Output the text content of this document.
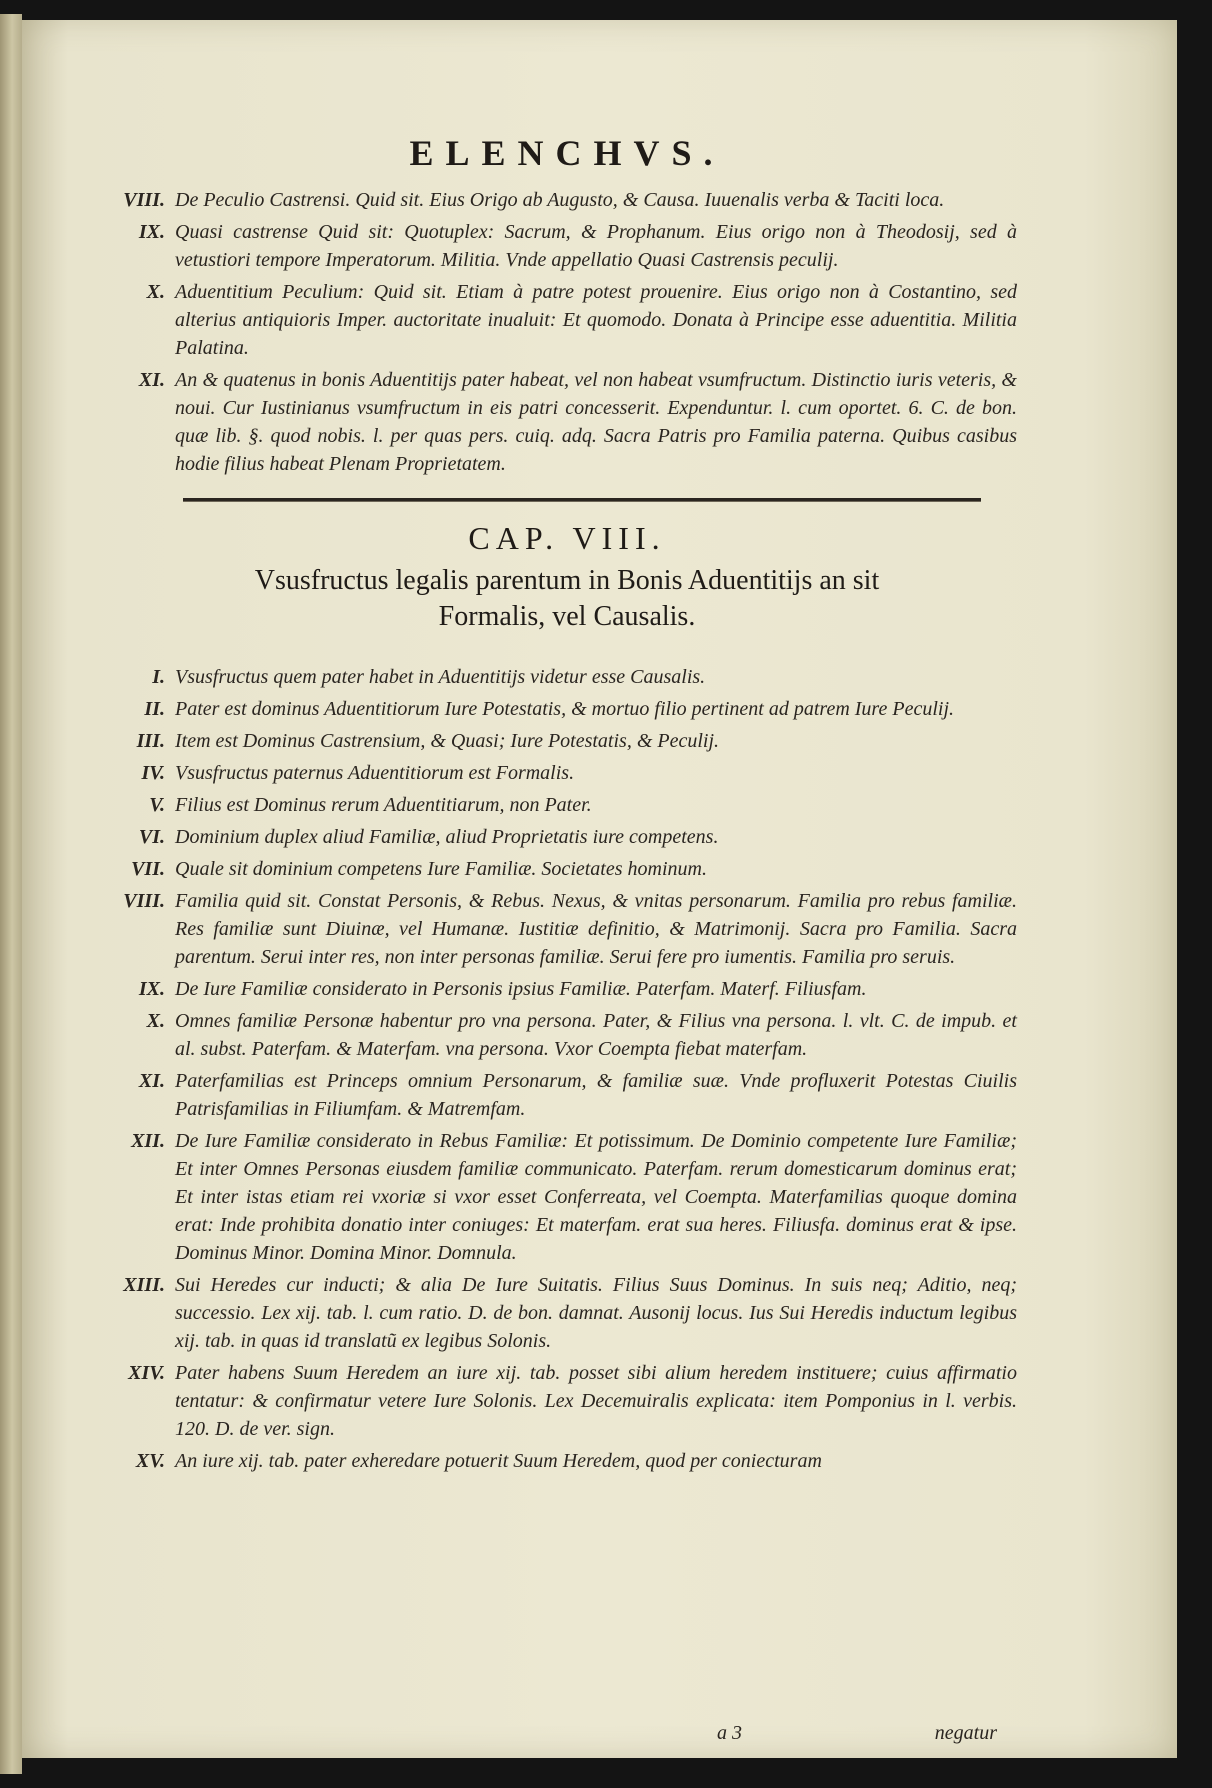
ELENCHVS.
VIII. De Peculio Castrensi. Quid sit. Eius Origo ab Augusto, & Causa. Iuuenalis verba & Taciti loca.
IX. Quasi castrense Quid sit: Quotuplex: Sacrum, & Prophanum. Eius origo non à Theodosij, sed à vetustiori tempore Imperatorum. Militia. Vnde appellatio Quasi Castrensis peculij.
X. Aduentitium Peculium: Quid sit. Etiam à patre potest prouenire. Eius origo non à Costantino, sed alterius antiquioris Imper. auctoritate inualuit: Et quomodo. Donata à Principe esse aduentitia. Militia Palatina.
XI. An & quatenus in bonis Aduentitijs pater habeat, vel non habeat vsumfructum. Distinctio iuris veteris, & noui. Cur Iustinianus vsumfructum in eis patri concesserit. Expenduntur. l. cum oportet. 6. C. de bon. quæ lib. §. quod nobis. l. per quas pers. cuiq. adq. Sacra Patris pro Familia paterna. Quibus casibus hodie filius habeat Plenam Proprietatem.
CAP. VIII.
Vsusfructus legalis parentum in Bonis Aduentitijs an sit
Formalis, vel Causalis.
I. Vsusfructus quem pater habet in Aduentitijs videtur esse Causalis.
II. Pater est dominus Aduentitiorum Iure Potestatis, & mortuo filio pertinent ad patrem Iure Peculij.
III. Item est Dominus Castrensium, & Quasi; Iure Potestatis, & Peculij.
IV. Vsusfructus paternus Aduentitiorum est Formalis.
V. Filius est Dominus rerum Aduentitiarum, non Pater.
VI. Dominium duplex aliud Familiæ, aliud Proprietatis iure competens.
VII. Quale sit dominium competens Iure Familiæ. Societates hominum.
VIII. Familia quid sit. Constat Personis, & Rebus. Nexus, & vnitas personarum. Familia pro rebus familiæ. Res familiæ sunt Diuinæ, vel Humanæ. Iustitiæ definitio, & Matrimonij. Sacra pro Familia. Sacra parentum. Serui inter res, non inter personas familiæ. Serui fere pro iumentis. Familia pro seruis.
IX. De Iure Familiæ considerato in Personis ipsius Familiæ. Paterfam. Materf. Filiusfam.
X. Omnes familiæ Personæ habentur pro vna persona. Pater, & Filius vna persona. l. vlt. C. de impub. et al. subst. Paterfam. & Materfam. vna persona. Vxor Coempta fiebat materfam.
XI. Paterfamilias est Princeps omnium Personarum, & familiæ suæ. Vnde profluxerit Potestas Ciuilis Patrisfamilias in Filiumfam. & Matremfam.
XII. De Iure Familiæ considerato in Rebus Familiæ: Et potissimum. De Dominio competente Iure Familiæ; Et inter Omnes Personas eiusdem familiæ communicato. Paterfam. rerum domesticarum dominus erat; Et inter istas etiam rei vxoriæ si vxor esset Conferreata, vel Coempta. Materfamilias quoque domina erat: Inde prohibita donatio inter coniuges: Et materfam. erat sua heres. Filiusfa. dominus erat & ipse. Dominus Minor. Domina Minor. Domnula.
XIII. Sui Heredes cur inducti; & alia De Iure Suitatis. Filius Suus Dominus. In suis neq; Aditio, neq; successio. Lex xij. tab. l. cum ratio. D. de bon. damnat. Ausonij locus. Ius Sui Heredis inductum legibus xij. tab. in quas id translatũ ex legibus Solonis.
XIV. Pater habens Suum Heredem an iure xij. tab. posset sibi alium heredem instituere; cuius affirmatio tentatur: & confirmatur vetere Iure Solonis. Lex Decemuiralis explicata: item Pomponius in l. verbis. 120. D. de ver. sign.
XV. An iure xij. tab. pater exheredare potuerit Suum Heredem, quod per coniecturam
a 3	negatur
